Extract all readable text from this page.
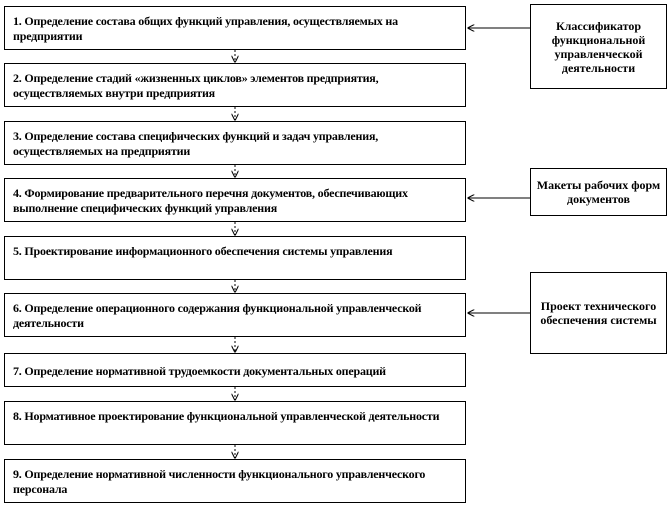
1. Определение состава общих функций управления, осуществляемых на предприятии
2. Определение стадий «жизненных циклов» элементов предприятия, осуществляемых внутри предприятия
3. Определение состава специфических функций и задач управления, осуществляемых на предприятии
4. Формирование предварительного перечня документов, обеспечивающих выполнение специфических функций управления
5. Проектирование информационного обеспечения системы управления
6. Определение операционного содержания функциональной управленческой деятельности
7. Определение нормативной трудоемкости документальных операций
8. Нормативное проектирование функциональной управленческой деятельности
9. Определение нормативной численности функционального управленческого персонала
Классификатор функциональной управленческой деятельности
Макеты рабочих форм документов
Проект технического обеспечения системы
